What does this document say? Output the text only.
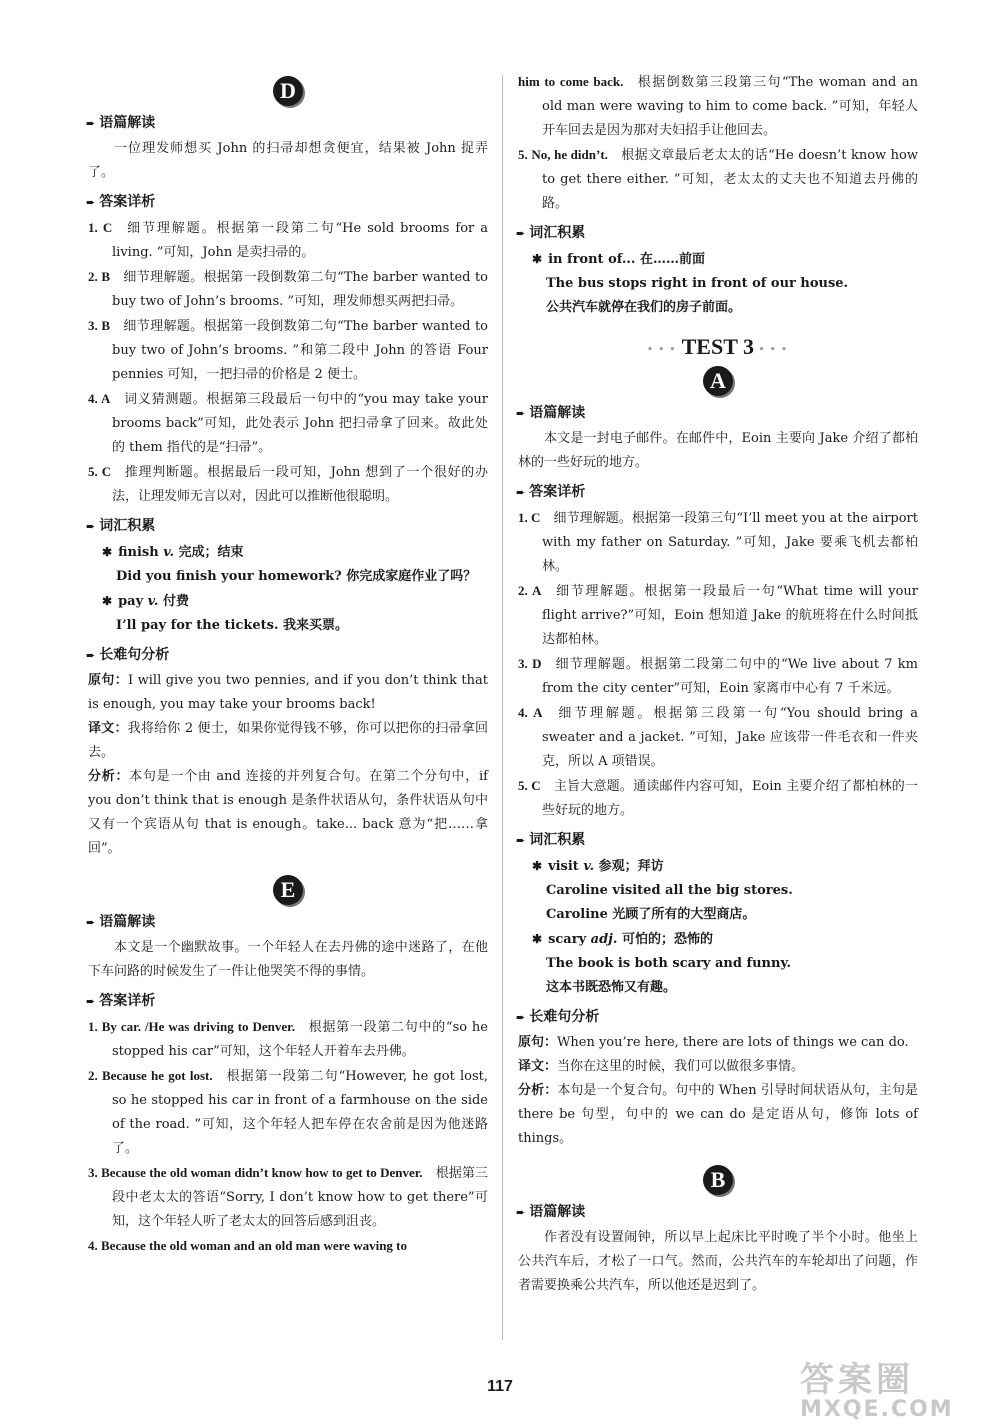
D
➨ 语篇解读
一位理发师想买 John 的扫帚却想贪便宜，结果被 John 捉弄了。
➨ 答案详析
1. C 细节理解题。根据第一段第二句“He sold brooms for a living. ”可知，John 是卖扫帚的。
2. B 细节理解题。根据第一段倒数第二句“The barber wanted to buy two of John’s brooms. ”可知，理发师想买两把扫帚。
3. B 细节理解题。根据第一段倒数第二句“The barber wanted to buy two of John’s brooms. ”和第二段中 John 的答语 Four pennies 可知，一把扫帚的价格是 2 便士。
4. A 词义猜测题。根据第三段最后一句中的“you may take your brooms back”可知，此处表示 John 把扫帚拿了回来。故此处的 them 指代的是“扫帚”。
5. C 推理判断题。根据最后一段可知，John 想到了一个很好的办法，让理发师无言以对，因此可以推断他很聪明。
➨ 词汇积累
✱ finish v. 完成；结束
Did you finish your homework? 你完成家庭作业了吗？
✱ pay v. 付费
I’ll pay for the tickets. 我来买票。
➨ 长难句分析
原句：I will give you two pennies, and if you don’t think that is enough, you may take your brooms back!
译文：我将给你 2 便士，如果你觉得钱不够，你可以把你的扫帚拿回去。
分析：本句是一个由 and 连接的并列复合句。在第二个分句中，if you don’t think that is enough 是条件状语从句，条件状语从句中又有一个宾语从句 that is enough。take... back 意为“把……拿回”。
E
➨ 语篇解读
本文是一个幽默故事。一个年轻人在去丹佛的途中迷路了，在他下车问路的时候发生了一件让他哭笑不得的事情。
➨ 答案详析
1. By car. /He was driving to Denver. 根据第一段第二句中的“so he stopped his car”可知，这个年轻人开着车去丹佛。
2. Because he got lost. 根据第一段第二句“However, he got lost, so he stopped his car in front of a farmhouse on the side of the road. ”可知，这个年轻人把车停在农舍前是因为他迷路了。
3. Because the old woman didn’t know how to get to Denver. 根据第三段中老太太的答语“Sorry, I don’t know how to get there”可知，这个年轻人听了老太太的回答后感到沮丧。
4. Because the old woman and an old man were waving to
him to come back. 根据倒数第三段第三句“The woman and an old man were waving to him to come back. ”可知，年轻人开车回去是因为那对夫妇招手让他回去。
5. No, he didn’t. 根据文章最后老太太的话“He doesn’t know how to get there either. ”可知，老太太的丈夫也不知道去丹佛的路。
➨ 词汇积累
✱ in front of... 在……前面
The bus stops right in front of our house.
公共汽车就停在我们的房子前面。
• • • TEST 3 • • •
A
➨ 语篇解读
本文是一封电子邮件。在邮件中，Eoin 主要向 Jake 介绍了都柏林的一些好玩的地方。
➨ 答案详析
1. C 细节理解题。根据第一段第三句“I’ll meet you at the airport with my father on Saturday. ”可知，Jake 要乘飞机去都柏林。
2. A 细节理解题。根据第一段最后一句“What time will your flight arrive?”可知，Eoin 想知道 Jake 的航班将在什么时间抵达都柏林。
3. D 细节理解题。根据第二段第二句中的“We live about 7 km from the city center”可知，Eoin 家离市中心有 7 千米远。
4. A 细节理解题。根据第三段第一句“You should bring a sweater and a jacket. ”可知，Jake 应该带一件毛衣和一件夹克，所以 A 项错误。
5. C 主旨大意题。通读邮件内容可知，Eoin 主要介绍了都柏林的一些好玩的地方。
➨ 词汇积累
✱ visit v. 参观；拜访
Caroline visited all the big stores.
Caroline 光顾了所有的大型商店。
✱ scary adj. 可怕的；恐怖的
The book is both scary and funny.
这本书既恐怖又有趣。
➨ 长难句分析
原句：When you’re here, there are lots of things we can do.
译文：当你在这里的时候，我们可以做很多事情。
分析：本句是一个复合句。句中的 When 引导时间状语从句，主句是 there be 句型，句中的 we can do 是定语从句，修饰 lots of things。
B
➨ 语篇解读
作者没有设置闹钟，所以早上起床比平时晚了半个小时。他坐上公共汽车后，才松了一口气。然而，公共汽车的车轮却出了问题，作者需要换乘公共汽车，所以他还是迟到了。
117	答案圈
MXQE.COM
